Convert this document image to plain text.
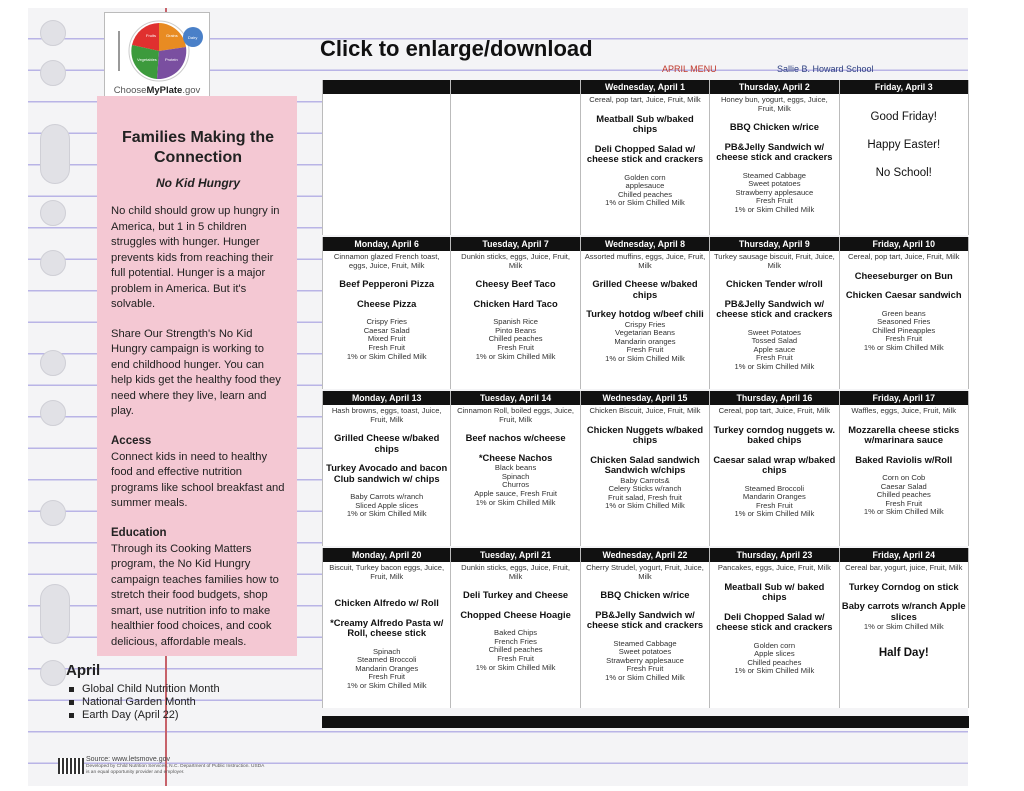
Fruits	Grains
Vegetables Protein
Dairy
ChooseMyPlate.gov
Click to enlarge/download
APRIL MENU	Sallie B. Howard School
Families Making the Connection
No Kid Hungry

No child should grow up hungry in America, but 1 in 5 children struggles with hunger. Hunger prevents kids from reaching their full potential. Hunger is a major problem in America. But it's solvable.

Share Our Strength's No Kid Hungry campaign is working to end childhood hunger. You can help kids get the healthy food they need where they live, learn and play.

Access

Connect kids in need to healthy food and effective nutrition programs like school breakfast and summer meals.

Education

Through its Cooking Matters program, the No Kid Hungry campaign teaches families how to stretch their food budgets, shop smart, use nutrition info to make healthier food choices, and cook delicious, affordable meals.

April
Global Child Nutrition Month
National Garden Month
Earth Day (April 22)
Source: www.letsmove.gov
Developed by Child Nutrition Services, N.C. Department of Public Instruction. USDA is an equal opportunity provider and employer.
Wednesday, April 1
Cereal, pop tart, Juice, Fruit, Milk
Meatball Sub w/baked chips
Deli Chopped Salad w/ cheese stick and crackers
Golden corn
applesauce
Chilled peaches
1% or Skim Chilled Milk
Thursday, April 2
Honey bun, yogurt, eggs, Juice, Fruit, Milk
BBQ Chicken w/rice
PB&Jelly Sandwich w/ cheese stick and crackers
Steamed Cabbage
Sweet potatoes
Strawberry applesauce
Fresh Fruit
1% or Skim Chilled Milk
Friday, April 3
Good Friday!
Happy Easter!
No School!
Monday, April 6
Cinnamon glazed French toast, eggs, Juice, Fruit, Milk
Beef Pepperoni Pizza
Cheese Pizza
Crispy Fries
Caesar Salad
Mixed Fruit
Fresh Fruit
1% or Skim Chilled Milk
Tuesday, April 7
Dunkin sticks, eggs, Juice, Fruit, Milk
Cheesy Beef Taco
Chicken Hard Taco
Spanish Rice
Pinto Beans
Chilled peaches
Fresh Fruit
1% or Skim Chilled Milk
Wednesday, April 8
Assorted muffins, eggs, Juice, Fruit, Milk
Grilled Cheese w/baked chips
Turkey hotdog w/beef chili
Crispy Fries
Vegetarian Beans
Mandarin oranges
Fresh Fruit
1% or Skim Chilled Milk
Thursday, April 9
Turkey sausage biscuit, Fruit, Juice, Milk
Chicken Tender w/roll
PB&Jelly Sandwich w/ cheese stick and crackers
Sweet Potatoes
Tossed Salad
Apple sauce
Fresh Fruit
1% or Skim Chilled Milk
Friday, April 10
Cereal, pop tart, Juice, Fruit, Milk
Cheeseburger on Bun
Chicken Caesar sandwich
Green beans
Seasoned Fries
Chilled Pineapples
Fresh Fruit
1% or Skim Chilled Milk
Monday, April 13
Hash browns, eggs, toast, Juice, Fruit, Milk
Grilled Cheese w/baked chips
Turkey Avocado and bacon Club sandwich w/ chips
Baby Carrots w/ranch
Sliced Apple slices
1% or Skim Chilled Milk
Tuesday, April 14
Cinnamon Roll, boiled eggs, Juice, Fruit, Milk
Beef nachos w/cheese
*Cheese Nachos
Black beans
Spinach
Churros
Apple sauce, Fresh Fruit
1% or Skim Chilled Milk
Wednesday, April 15
Chicken Biscuit, Juice, Fruit, Milk
Chicken Nuggets w/baked chips
Chicken Salad sandwich Sandwich w/chips
Baby Carrots&
Celery Sticks w/ranch
Fruit salad, Fresh fruit
1% or Skim Chilled Milk
Thursday, April 16
Cereal, pop tart, Juice, Fruit, Milk
Turkey corndog nuggets w. baked chips
Caesar salad wrap w/baked chips
Steamed Broccoli
Mandarin Oranges
Fresh Fruit
1% or Skim Chilled Milk
Friday, April 17
Waffles, eggs, Juice, Fruit, Milk
Mozzarella cheese sticks w/marinara sauce
Baked Raviolis w/Roll
Corn on Cob
Caesar Salad
Chilled peaches
Fresh Fruit
1% or Skim Chilled Milk
Monday, April 20
Biscuit, Turkey bacon eggs, Juice, Fruit, Milk
Chicken Alfredo w/ Roll
*Creamy Alfredo Pasta w/ Roll, cheese stick
Spinach
Steamed Broccoli
Mandarin Oranges
Fresh Fruit
1% or Skim Chilled Milk
Tuesday, April 21
Dunkin sticks, eggs, Juice, Fruit, Milk
Deli Turkey and Cheese
Chopped Cheese Hoagie
Baked Chips
French Fries
Chilled peaches
Fresh Fruit
1% or Skim Chilled Milk
Wednesday, April 22
Cherry Strudel, yogurt, Fruit, Juice, Milk
BBQ Chicken w/rice
PB&Jelly Sandwich w/ cheese stick and crackers
Steamed Cabbage
Sweet potatoes
Strawberry applesauce
Fresh Fruit
1% or Skim Chilled Milk
Thursday, April 23
Pancakes, eggs, Juice, Fruit, Milk
Meatball Sub w/ baked chips
Deli Chopped Salad w/ cheese stick and crackers
Golden corn
Apple slices
Chilled peaches
1% or Skim Chilled Milk
Friday, April 24
Cereal bar, yogurt, juice, Fruit, Milk
Turkey Corndog on stick
Baby carrots w/ranch Apple slices
1% or Skim Chilled Milk
Half Day!
